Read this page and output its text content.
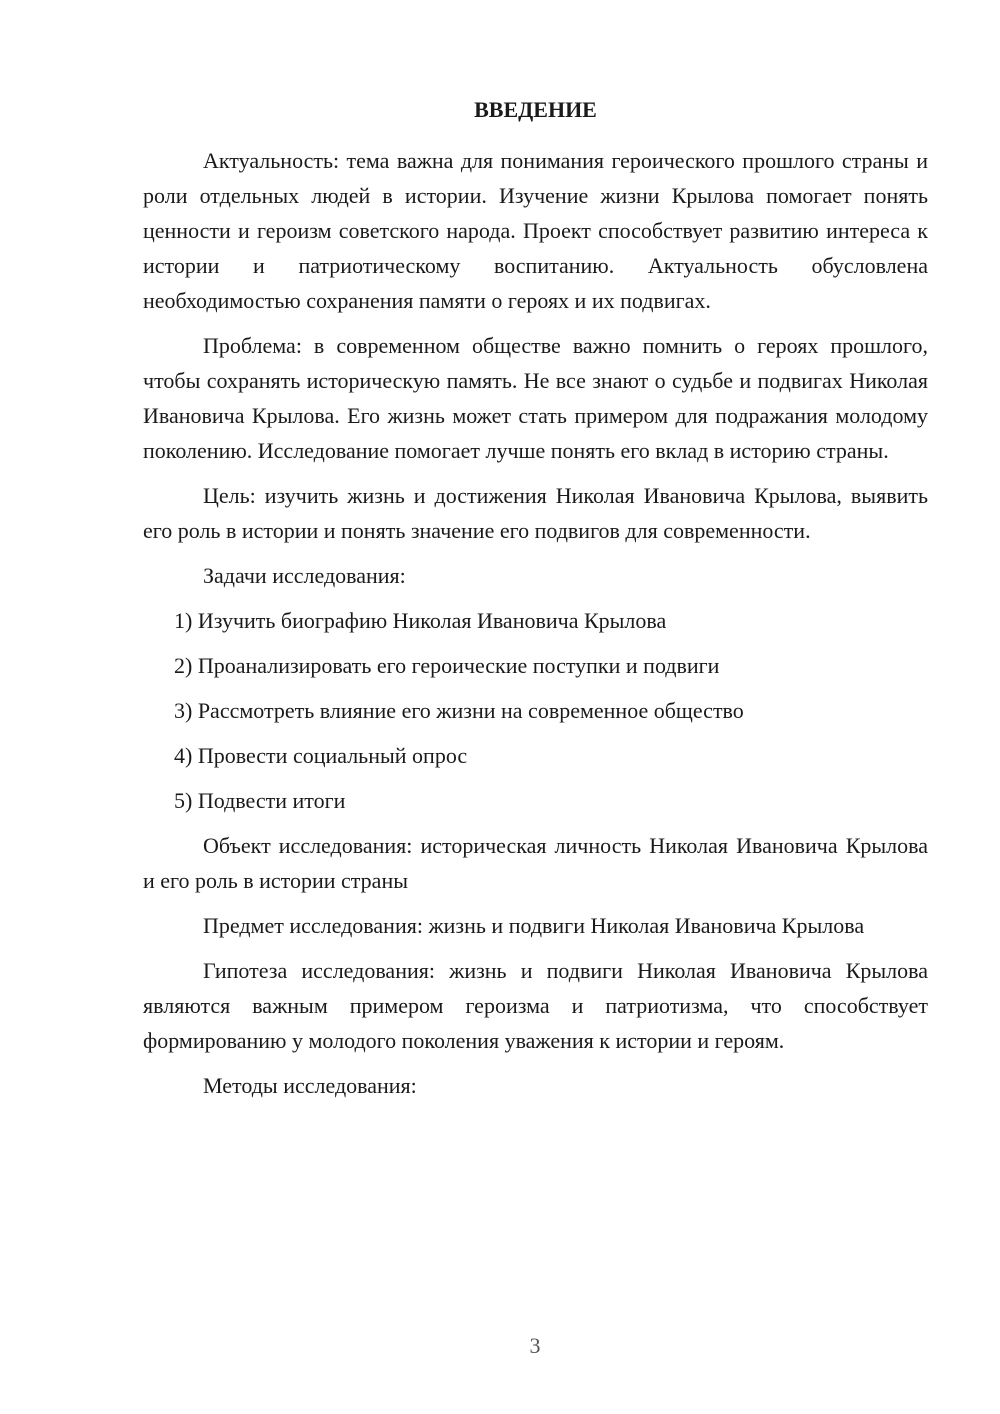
ВВЕДЕНИЕ

Актуальность: тема важна для понимания героического прошлого страны и роли отдельных людей в истории. Изучение жизни Крылова помогает понять ценности и героизм советского народа. Проект способствует развитию интереса к истории и патриотическому воспитанию. Актуальность обусловлена необходимостью сохранения памяти о героях и их подвигах.

Проблема: в современном обществе важно помнить о героях прошлого, чтобы сохранять историческую память. Не все знают о судьбе и подвигах Николая Ивановича Крылова. Его жизнь может стать примером для подражания молодому поколению. Исследование помогает лучше понять его вклад в историю страны.

Цель: изучить жизнь и достижения Николая Ивановича Крылова, выявить его роль в истории и понять значение его подвигов для современности.

Задачи исследования:

1) Изучить биографию Николая Ивановича Крылова
2) Проанализировать его героические поступки и подвиги
3) Рассмотреть влияние его жизни на современное общество
4) Провести социальный опрос
5) Подвести итоги

Объект исследования: историческая личность Николая Ивановича Крылова и его роль в истории страны

Предмет исследования: жизнь и подвиги Николая Ивановича Крылова

Гипотеза исследования: жизнь и подвиги Николая Ивановича Крылова являются важным примером героизма и патриотизма, что способствует формированию у молодого поколения уважения к истории и героям.

Методы исследования:

3
